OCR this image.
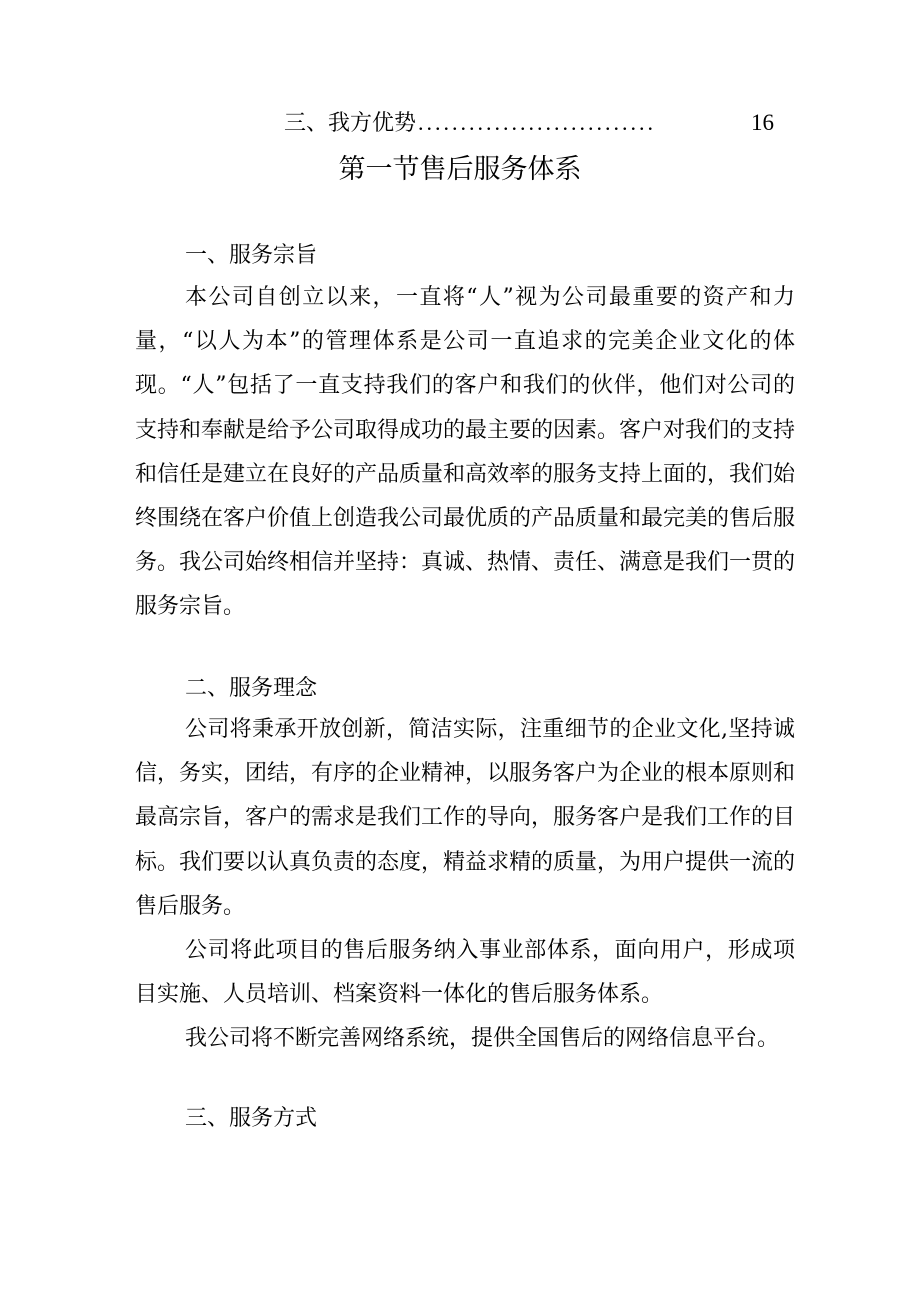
三、我方优势 ............................	16
第一节售后服务体系
一、服务宗旨

本公司自创立以来，一直将“人”视为公司最重要的资产和力量，“以人为本”的管理体系是公司一直追求的完美企业文化的体现。“人”包括了一直支持我们的客户和我们的伙伴，他们对公司的支持和奉献是给予公司取得成功的最主要的因素。客户对我们的支持和信任是建立在良好的产品质量和高效率的服务支持上面的，我们始终围绕在客户价值上创造我公司最优质的产品质量和最完美的售后服务。我公司始终相信并坚持：真诚、热情、责任、满意是我们一贯的服务宗旨。

二、服务理念

公司将秉承开放创新，简洁实际，注重细节的企业文化,坚持诚信，务实，团结，有序的企业精神，以服务客户为企业的根本原则和最高宗旨，客户的需求是我们工作的导向，服务客户是我们工作的目标。我们要以认真负责的态度，精益求精的质量，为用户提供一流的售后服务。

公司将此项目的售后服务纳入事业部体系，面向用户，形成项目实施、人员培训、档案资料一体化的售后服务体系。

我公司将不断完善网络系统，提供全国售后的网络信息平台。

三、服务方式
